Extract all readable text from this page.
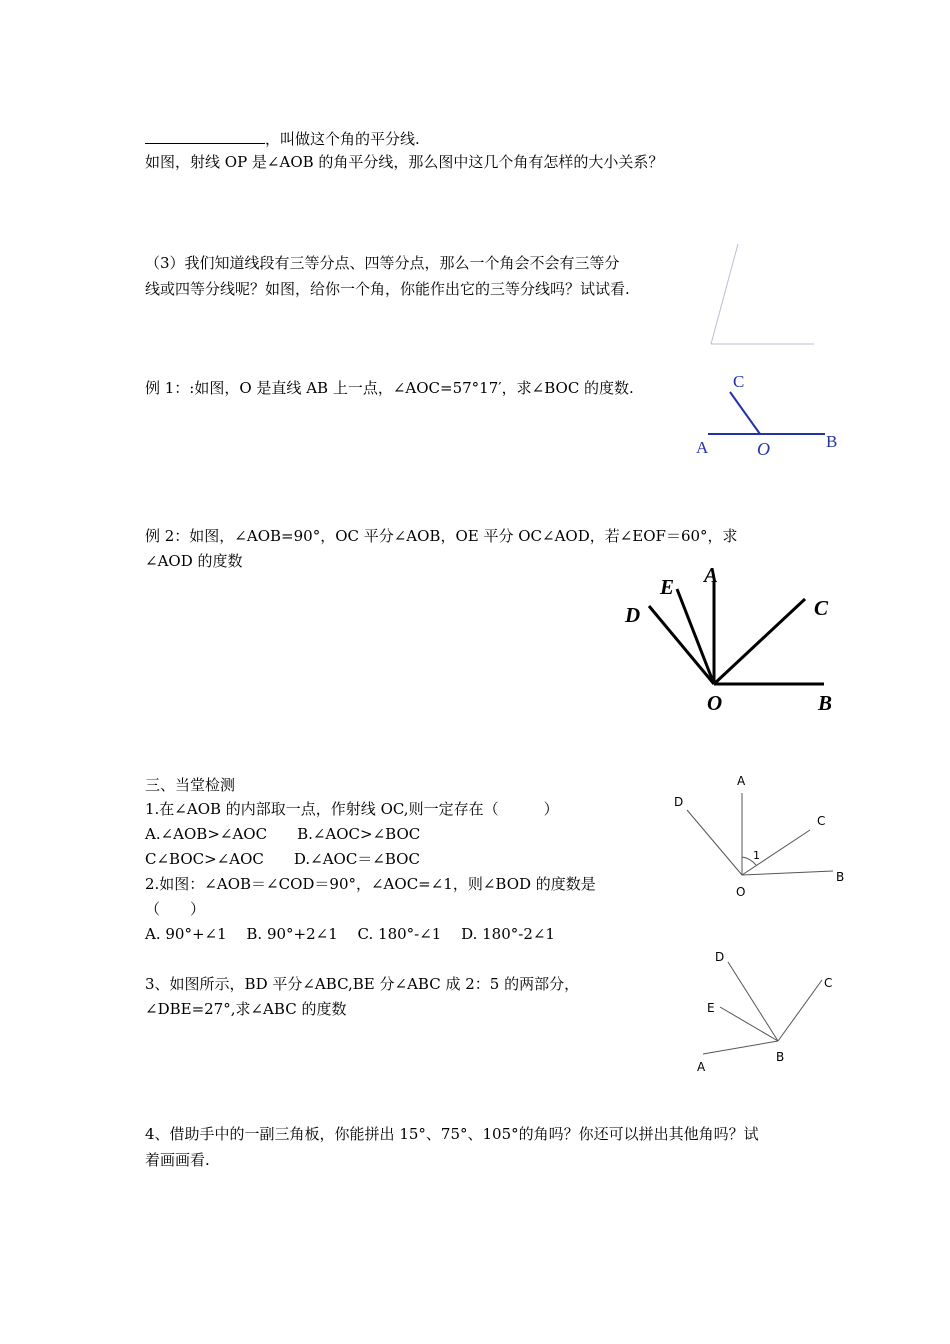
，叫做这个角的平分线.
如图，射线 OP 是∠AOB 的角平分线，那么图中这几个角有怎样的大小关系？
（3）我们知道线段有三等分点、四等分点，那么一个角会不会有三等分
线或四等分线呢？如图，给你一个角，你能作出它的三等分线吗？试试看.
例 1：:如图，O 是直线 AB 上一点，∠AOC=57°17′，求∠BOC 的度数.	C
A	O	B
例 2：如图，∠AOB=90°，OC 平分∠AOB，OE 平分 OC∠AOD，若∠EOF＝60°，求
∠AOD 的度数
A
E
D	C
O	B
三、当堂检测
1.在∠AOB 的内部取一点，作射线 OC,则一定存在（　　　）
A.∠AOB>∠AOC　　B.∠AOC>∠BOC
C∠BOC>∠AOC　　D.∠AOC＝∠BOC
2.如图：∠AOB＝∠COD＝90°，∠AOC=∠1，则∠BOD 的度数是
（　　）
A. 90°+∠1　 B. 90°+2∠1　 C. 180°-∠1　 D. 180°-2∠1
A
D
C
1
O
B
3、如图所示，BD 平分∠ABC,BE 分∠ABC 成 2：5 的两部分，
∠DBE=27°,求∠ABC 的度数
D
E
C
B
A
4、借助手中的一副三角板，你能拼出 15°、75°、105°的角吗？你还可以拼出其他角吗？试
着画画看.
